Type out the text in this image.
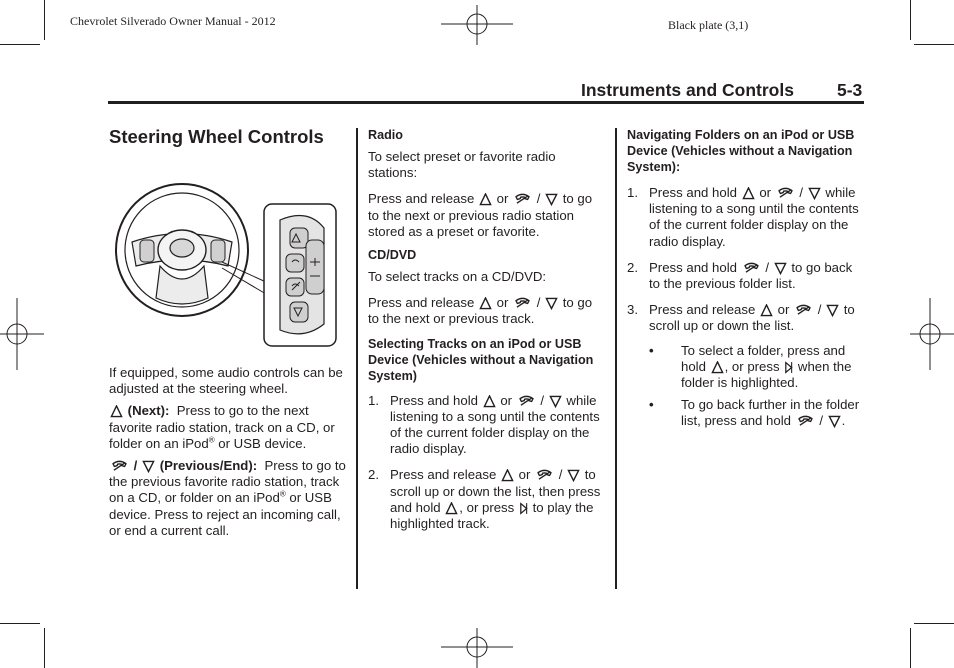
Chevrolet Silverado Owner Manual - 2012	Black plate (3,1)
Instruments and Controls 5-3
Steering Wheel Controls

If equipped, some audio controls can be adjusted at the steering wheel.

(Next): Press to go to the next favorite radio station, track on a CD, or folder on an iPod® or USB device.

/ (Previous/End): Press to go to the previous favorite radio station, track on a CD, or folder on an iPod® or USB device. Press to reject an incoming call, or end a current call.

Radio

To select preset or favorite radio stations:

Press and release or / to go to the next or previous radio station stored as a preset or favorite.

CD/DVD

To select tracks on a CD/DVD:

Press and release or / to go to the next or previous track.

Selecting Tracks on an iPod or USB Device (Vehicles without a Navigation System)

1. Press and hold or / while listening to a song until the contents of the current folder display on the radio display.
2. Press and release or / to scroll up or down the list, then press and hold , or press to play the highlighted track.

Navigating Folders on an iPod or USB Device (Vehicles without a Navigation System):

1. Press and hold or / while listening to a song until the contents of the current folder display on the radio display.
2. Press and hold / to go back to the previous folder list.
3. Press and release or / to scroll up or down the list.
• To select a folder, press and hold , or press when the folder is highlighted.
• To go back further in the folder list, press and hold / .
